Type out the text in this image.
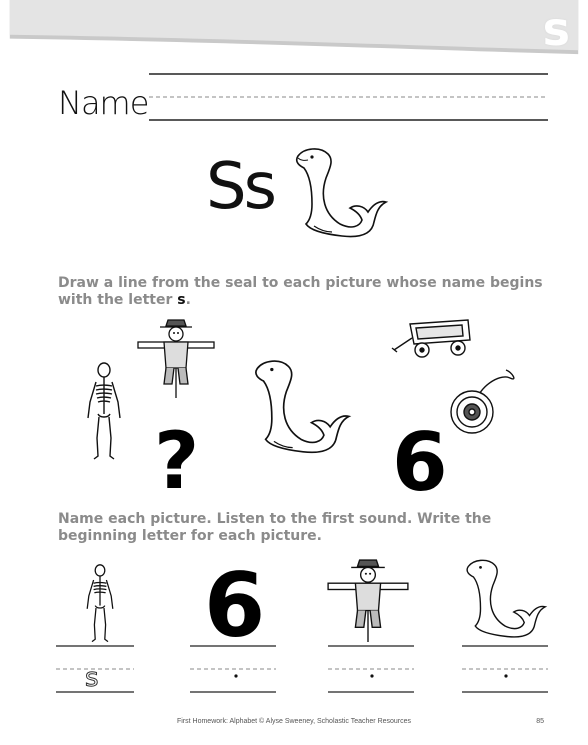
s
Name
Ss
Draw a line from the seal to each picture whose name begins with the letter s.
? 6
Name each picture. Listen to the first sound. Write the beginning letter for each picture.
6
s
First Homework: Alphabet © Alyse Sweeney, Scholastic Teacher Resources	85
